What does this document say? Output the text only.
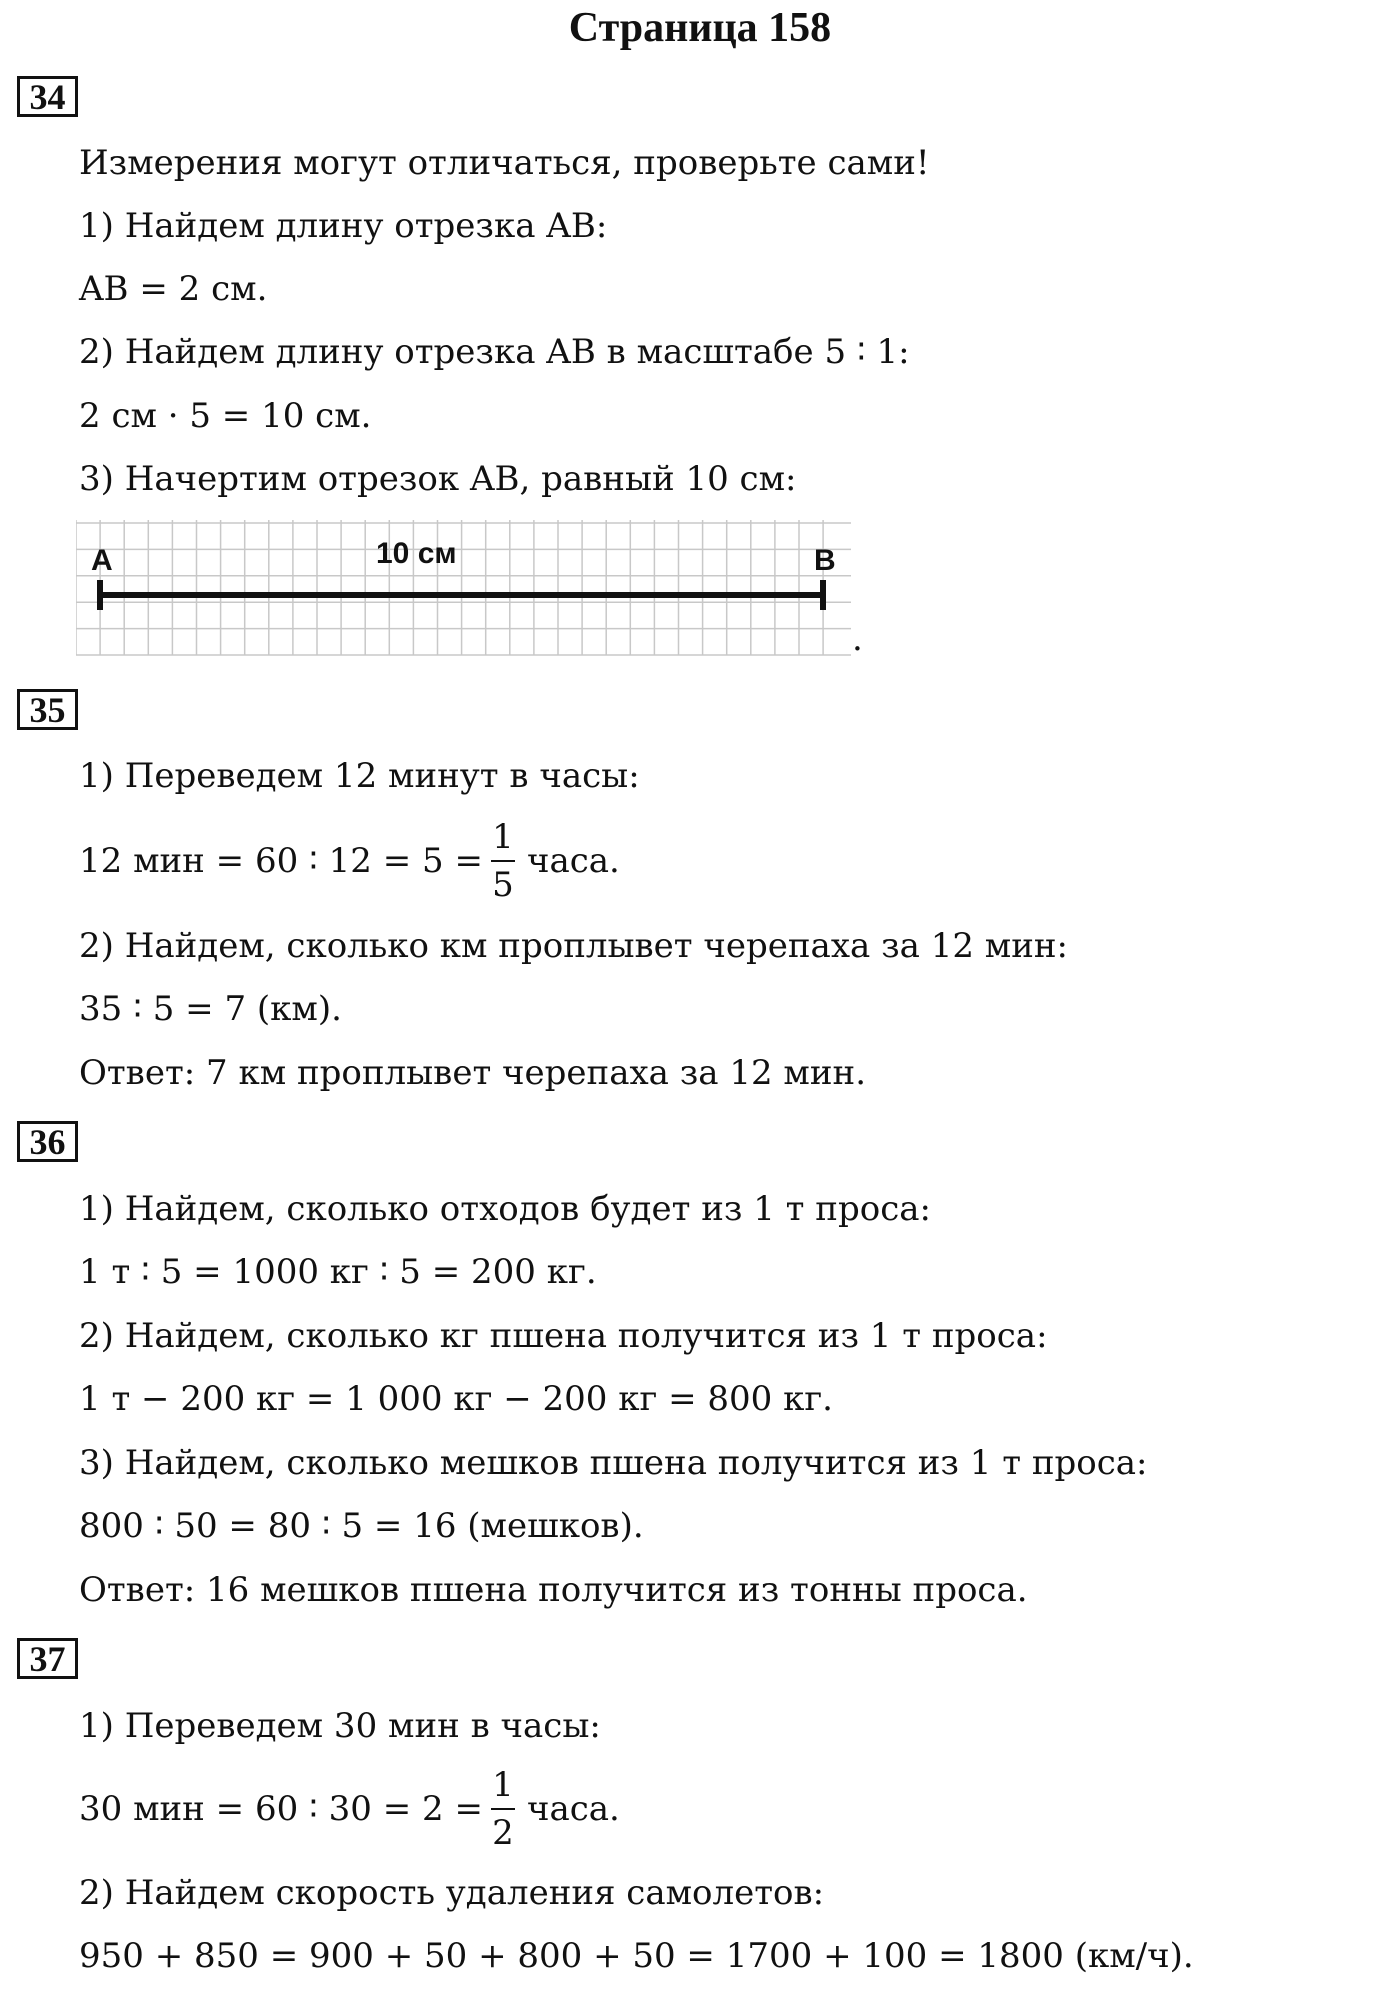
Страница 158
34
Измерения могут отличаться, проверьте сами!
1) Найдем длину отрезка AB:
AB = 2 см.
2) Найдем длину отрезка AB в масштабе 5 ∶ 1:
2 см · 5 = 10 см.
3) Начертим отрезок AB, равный 10 см:
A	B
10 см
.
35
1) Переведем 12 минут в часы:
12 мин = 60 ∶ $12 = 5 = \frac{1}{5}$ часа.
2) Найдем, сколько км проплывет черепаха за 12 мин:
35 ∶ 5 = 7 (км).
Ответ: 7 км проплывет черепаха за 12 мин.
36
1) Найдем, сколько отходов будет из 1 т проса:
1 т ∶ 5 = 1000 кг ∶ 5 = 200 кг.
2) Найдем, сколько кг пшена получится из 1 т проса:
1 т − 200 кг = 1 000 кг − 200 кг = 800 кг.
3) Найдем, сколько мешков пшена получится из 1 т проса:
800 ∶ 50 = 80 ∶ 5 = 16 (мешков).
Ответ: 16 мешков пшена получится из тонны проса.
37
1) Переведем 30 мин в часы:
30 мин = 60 ∶ $30 = 2 = \frac{1}{2}$ часа.
2) Найдем скорость удаления самолетов:
950 + 850 = 900 + 50 + 800 + 50 = 1700 + 100 = 1800 (км/ч).
